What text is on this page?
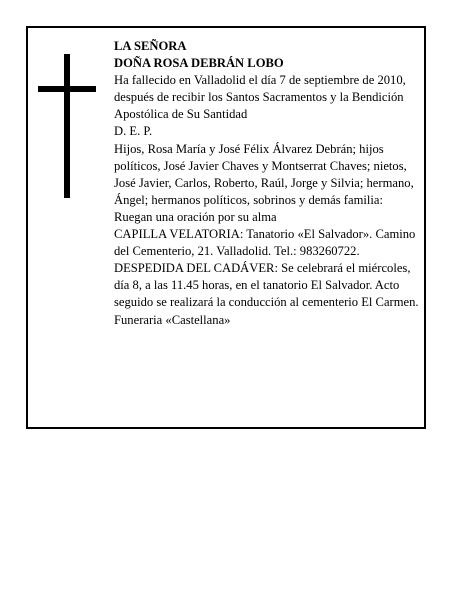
LA SEÑORA

DOÑA ROSA DEBRÁN LOBO

Ha fallecido en Valladolid el día 7 de septiembre de 2010, después de recibir los Santos Sacramentos y la Bendición Apostólica de Su Santidad

D. E. P.

Hijos, Rosa María y José Félix Álvarez Debrán; hijos políticos, José Javier Chaves y Montserrat Chaves; nietos, José Javier, Carlos, Roberto, Raúl, Jorge y Silvia; hermano, Ángel; hermanos políticos, sobrinos y demás familia:

Ruegan una oración por su alma

CAPILLA VELATORIA: Tanatorio «El Salvador». Camino del Cementerio, 21. Valladolid. Tel.: 983260722.

DESPEDIDA DEL CADÁVER: Se celebrará el miércoles, día 8, a las 11.45 horas, en el tanatorio El Salvador. Acto seguido se realizará la conducción al cementerio El Carmen.

Funeraria «Castellana»
